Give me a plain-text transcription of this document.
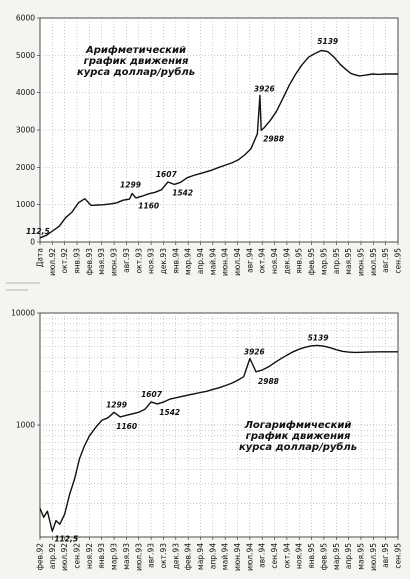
Дата июл.92 окт.92 янв.93 фев.93 мая.93 июн.93 авг.93 окт.93 ноя.93 дек.93 янв.94 мар.94 апр.94 май.94 июн.94 июл.94 авг.94 окт.94 ноя.94 дек.94 янв.95 фев.95 мар.95 апр.95 мая.95 июн.95 июл.95 авг.95 сен.95
0
1000
2000
3000
4000
5000
6000
Арифметический
график движения
курса доллар/рубль
112,5
1299
1160
1607
1542
3926
2988
5139
фев.92 апр.92 июл.92 сен.92 ноя.92 янв.93 мар.93 мая.93 июл.93 авг.93 окт.93 дек.93 фев.94 мар.94 апр.94 май.94 июн.94 июл.94 авг.94 сен.94 окт.94 ноя.94 янв.95 фев.95 мар.95 апр.95 мая.95 июл.95 авг.95 сен.95
1000
10000
Логарифмический
график движения
курса доллар/рубль
112,5
1299
1160
1607
1542
3926
2988
5139
